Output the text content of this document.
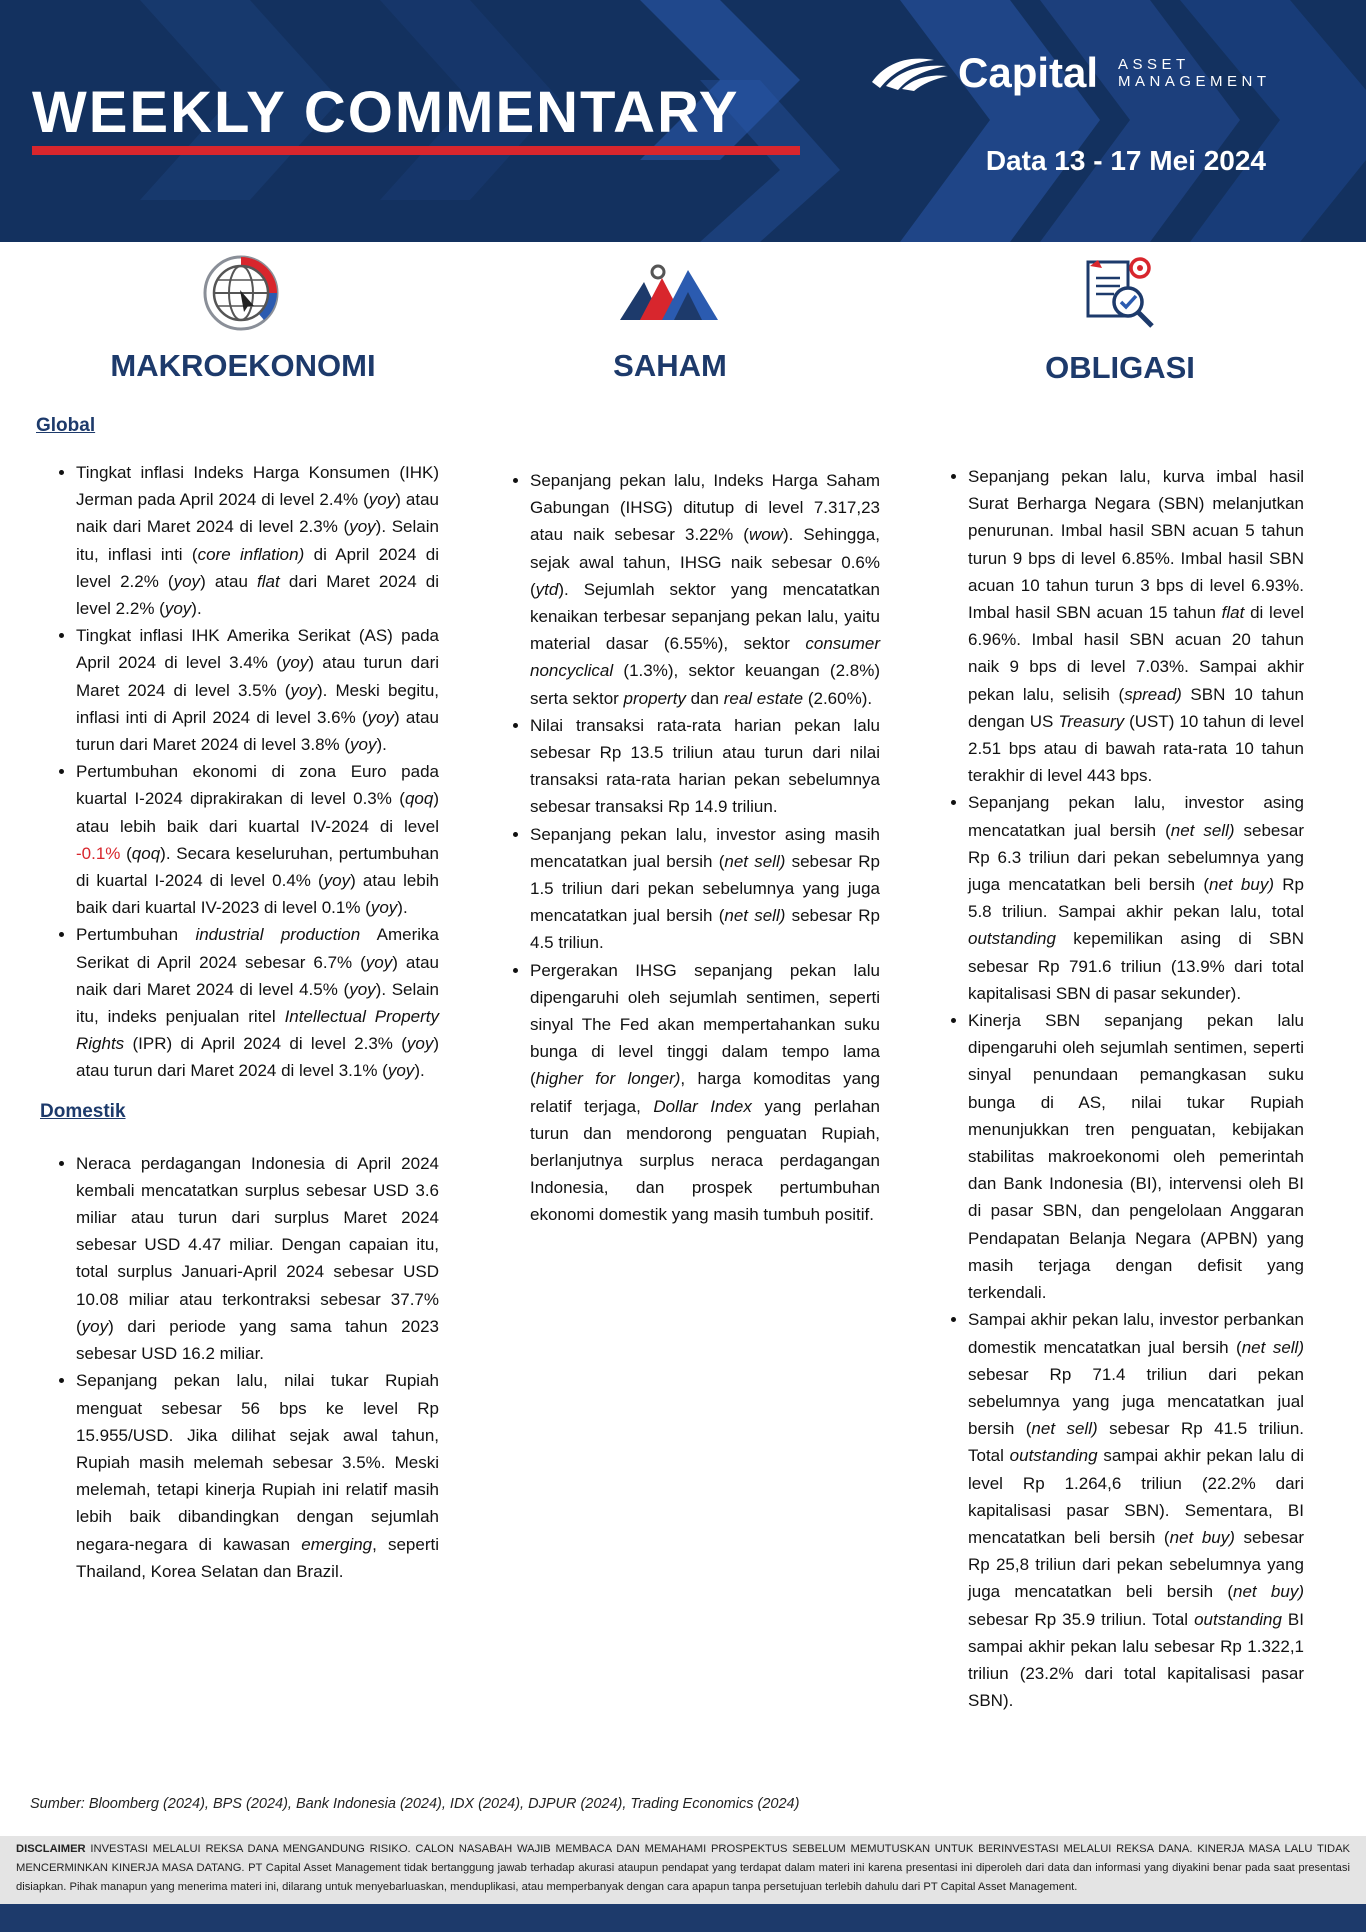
WEEKLY COMMENTARY
Capital ASSET
MANAGEMENT
Data 13 - 17 Mei 2024
MAKROEKONOMI	SAHAM	OBLIGASI

Global

• Tingkat inflasi Indeks Harga Konsumen (IHK) Jerman pada April 2024 di level 2.4% (yoy) atau naik dari Maret 2024 di level 2.3% (yoy). Selain itu, inflasi inti (core inflation) di April 2024 di level 2.2% (yoy) atau flat dari Maret 2024 di level 2.2% (yoy).
• Tingkat inflasi IHK Amerika Serikat (AS) pada April 2024 di level 3.4% (yoy) atau turun dari Maret 2024 di level 3.5% (yoy). Meski begitu, inflasi inti di April 2024 di level 3.6% (yoy) atau turun dari Maret 2024 di level 3.8% (yoy).
• Pertumbuhan ekonomi di zona Euro pada kuartal I-2024 diprakirakan di level 0.3% (qoq) atau lebih baik dari kuartal IV-2024 di level -0.1% (qoq). Secara keseluruhan, pertumbuhan di kuartal I-2024 di level 0.4% (yoy) atau lebih baik dari kuartal IV-2023 di level 0.1% (yoy).
• Pertumbuhan industrial production Amerika Serikat di April 2024 sebesar 6.7% (yoy) atau naik dari Maret 2024 di level 4.5% (yoy). Selain itu, indeks penjualan ritel Intellectual Property Rights (IPR) di April 2024 di level 2.3% (yoy) atau turun dari Maret 2024 di level 3.1% (yoy).

Domestik

• Neraca perdagangan Indonesia di April 2024 kembali mencatatkan surplus sebesar USD 3.6 miliar atau turun dari surplus Maret 2024 sebesar USD 4.47 miliar. Dengan capaian itu, total surplus Januari-April 2024 sebesar USD 10.08 miliar atau terkontraksi sebesar 37.7% (yoy) dari periode yang sama tahun 2023 sebesar USD 16.2 miliar.
• Sepanjang pekan lalu, nilai tukar Rupiah menguat sebesar 56 bps ke level Rp 15.955/USD. Jika dilihat sejak awal tahun, Rupiah masih melemah sebesar 3.5%. Meski melemah, tetapi kinerja Rupiah ini relatif masih lebih baik dibandingkan dengan sejumlah negara-negara di kawasan emerging, seperti Thailand, Korea Selatan dan Brazil.
• Sepanjang pekan lalu, Indeks Harga Saham Gabungan (IHSG) ditutup di level 7.317,23 atau naik sebesar 3.22% (wow). Sehingga, sejak awal tahun, IHSG naik sebesar 0.6% (ytd). Sejumlah sektor yang mencatatkan kenaikan terbesar sepanjang pekan lalu, yaitu material dasar (6.55%), sektor consumer noncyclical (1.3%), sektor keuangan (2.8%) serta sektor property dan real estate (2.60%).
• Nilai transaksi rata-rata harian pekan lalu sebesar Rp 13.5 triliun atau turun dari nilai transaksi rata-rata harian pekan sebelumnya sebesar transaksi Rp 14.9 triliun.
• Sepanjang pekan lalu, investor asing masih mencatatkan jual bersih (net sell) sebesar Rp 1.5 triliun dari pekan sebelumnya yang juga mencatatkan jual bersih (net sell) sebesar Rp 4.5 triliun.
• Pergerakan IHSG sepanjang pekan lalu dipengaruhi oleh sejumlah sentimen, seperti sinyal The Fed akan mempertahankan suku bunga di level tinggi dalam tempo lama (higher for longer), harga komoditas yang relatif terjaga, Dollar Index yang perlahan turun dan mendorong penguatan Rupiah, berlanjutnya surplus neraca perdagangan Indonesia, dan prospek pertumbuhan ekonomi domestik yang masih tumbuh positif.
• Sepanjang pekan lalu, kurva imbal hasil Surat Berharga Negara (SBN) melanjutkan penurunan. Imbal hasil SBN acuan 5 tahun turun 9 bps di level 6.85%. Imbal hasil SBN acuan 10 tahun turun 3 bps di level 6.93%. Imbal hasil SBN acuan 15 tahun flat di level 6.96%. Imbal hasil SBN acuan 20 tahun naik 9 bps di level 7.03%. Sampai akhir pekan lalu, selisih (spread) SBN 10 tahun dengan US Treasury (UST) 10 tahun di level 2.51 bps atau di bawah rata-rata 10 tahun terakhir di level 443 bps.
• Sepanjang pekan lalu, investor asing mencatatkan jual bersih (net sell) sebesar Rp 6.3 triliun dari pekan sebelumnya yang juga mencatatkan beli bersih (net buy) Rp 5.8 triliun. Sampai akhir pekan lalu, total outstanding kepemilikan asing di SBN sebesar Rp 791.6 triliun (13.9% dari total kapitalisasi SBN di pasar sekunder).
• Kinerja SBN sepanjang pekan lalu dipengaruhi oleh sejumlah sentimen, seperti sinyal penundaan pemangkasan suku bunga di AS, nilai tukar Rupiah menunjukkan tren penguatan, kebijakan stabilitas makroekonomi oleh pemerintah dan Bank Indonesia (BI), intervensi oleh BI di pasar SBN, dan pengelolaan Anggaran Pendapatan Belanja Negara (APBN) yang masih terjaga dengan defisit yang terkendali.
• Sampai akhir pekan lalu, investor perbankan domestik mencatatkan jual bersih (net sell) sebesar Rp 71.4 triliun dari pekan sebelumnya yang juga mencatatkan jual bersih (net sell) sebesar Rp 41.5 triliun. Total outstanding sampai akhir pekan lalu di level Rp 1.264,6 triliun (22.2% dari kapitalisasi pasar SBN). Sementara, BI mencatatkan beli bersih (net buy) sebesar Rp 25,8 triliun dari pekan sebelumnya yang juga mencatatkan beli bersih (net buy) sebesar Rp 35.9 triliun. Total outstanding BI sampai akhir pekan lalu sebesar Rp 1.322,1 triliun (23.2% dari total kapitalisasi pasar SBN).
Sumber: Bloomberg (2024), BPS (2024), Bank Indonesia (2024), IDX (2024), DJPUR (2024), Trading Economics (2024)

DISCLAIMER INVESTASI MELALUI REKSA DANA MENGANDUNG RISIKO. CALON NASABAH WAJIB MEMBACA DAN MEMAHAMI PROSPEKTUS SEBELUM MEMUTUSKAN UNTUK BERINVESTASI MELALUI REKSA DANA. KINERJA MASA LALU TIDAK MENCERMINKAN KINERJA MASA DATANG. PT Capital Asset Management tidak bertanggung jawab terhadap akurasi ataupun pendapat yang terdapat dalam materi ini karena presentasi ini diperoleh dari data dan informasi yang diyakini benar pada saat presentasi disiapkan. Pihak manapun yang menerima materi ini, dilarang untuk menyebarluaskan, menduplikasi, atau memperbanyak dengan cara apapun tanpa persetujuan terlebih dahulu dari PT Capital Asset Management.
